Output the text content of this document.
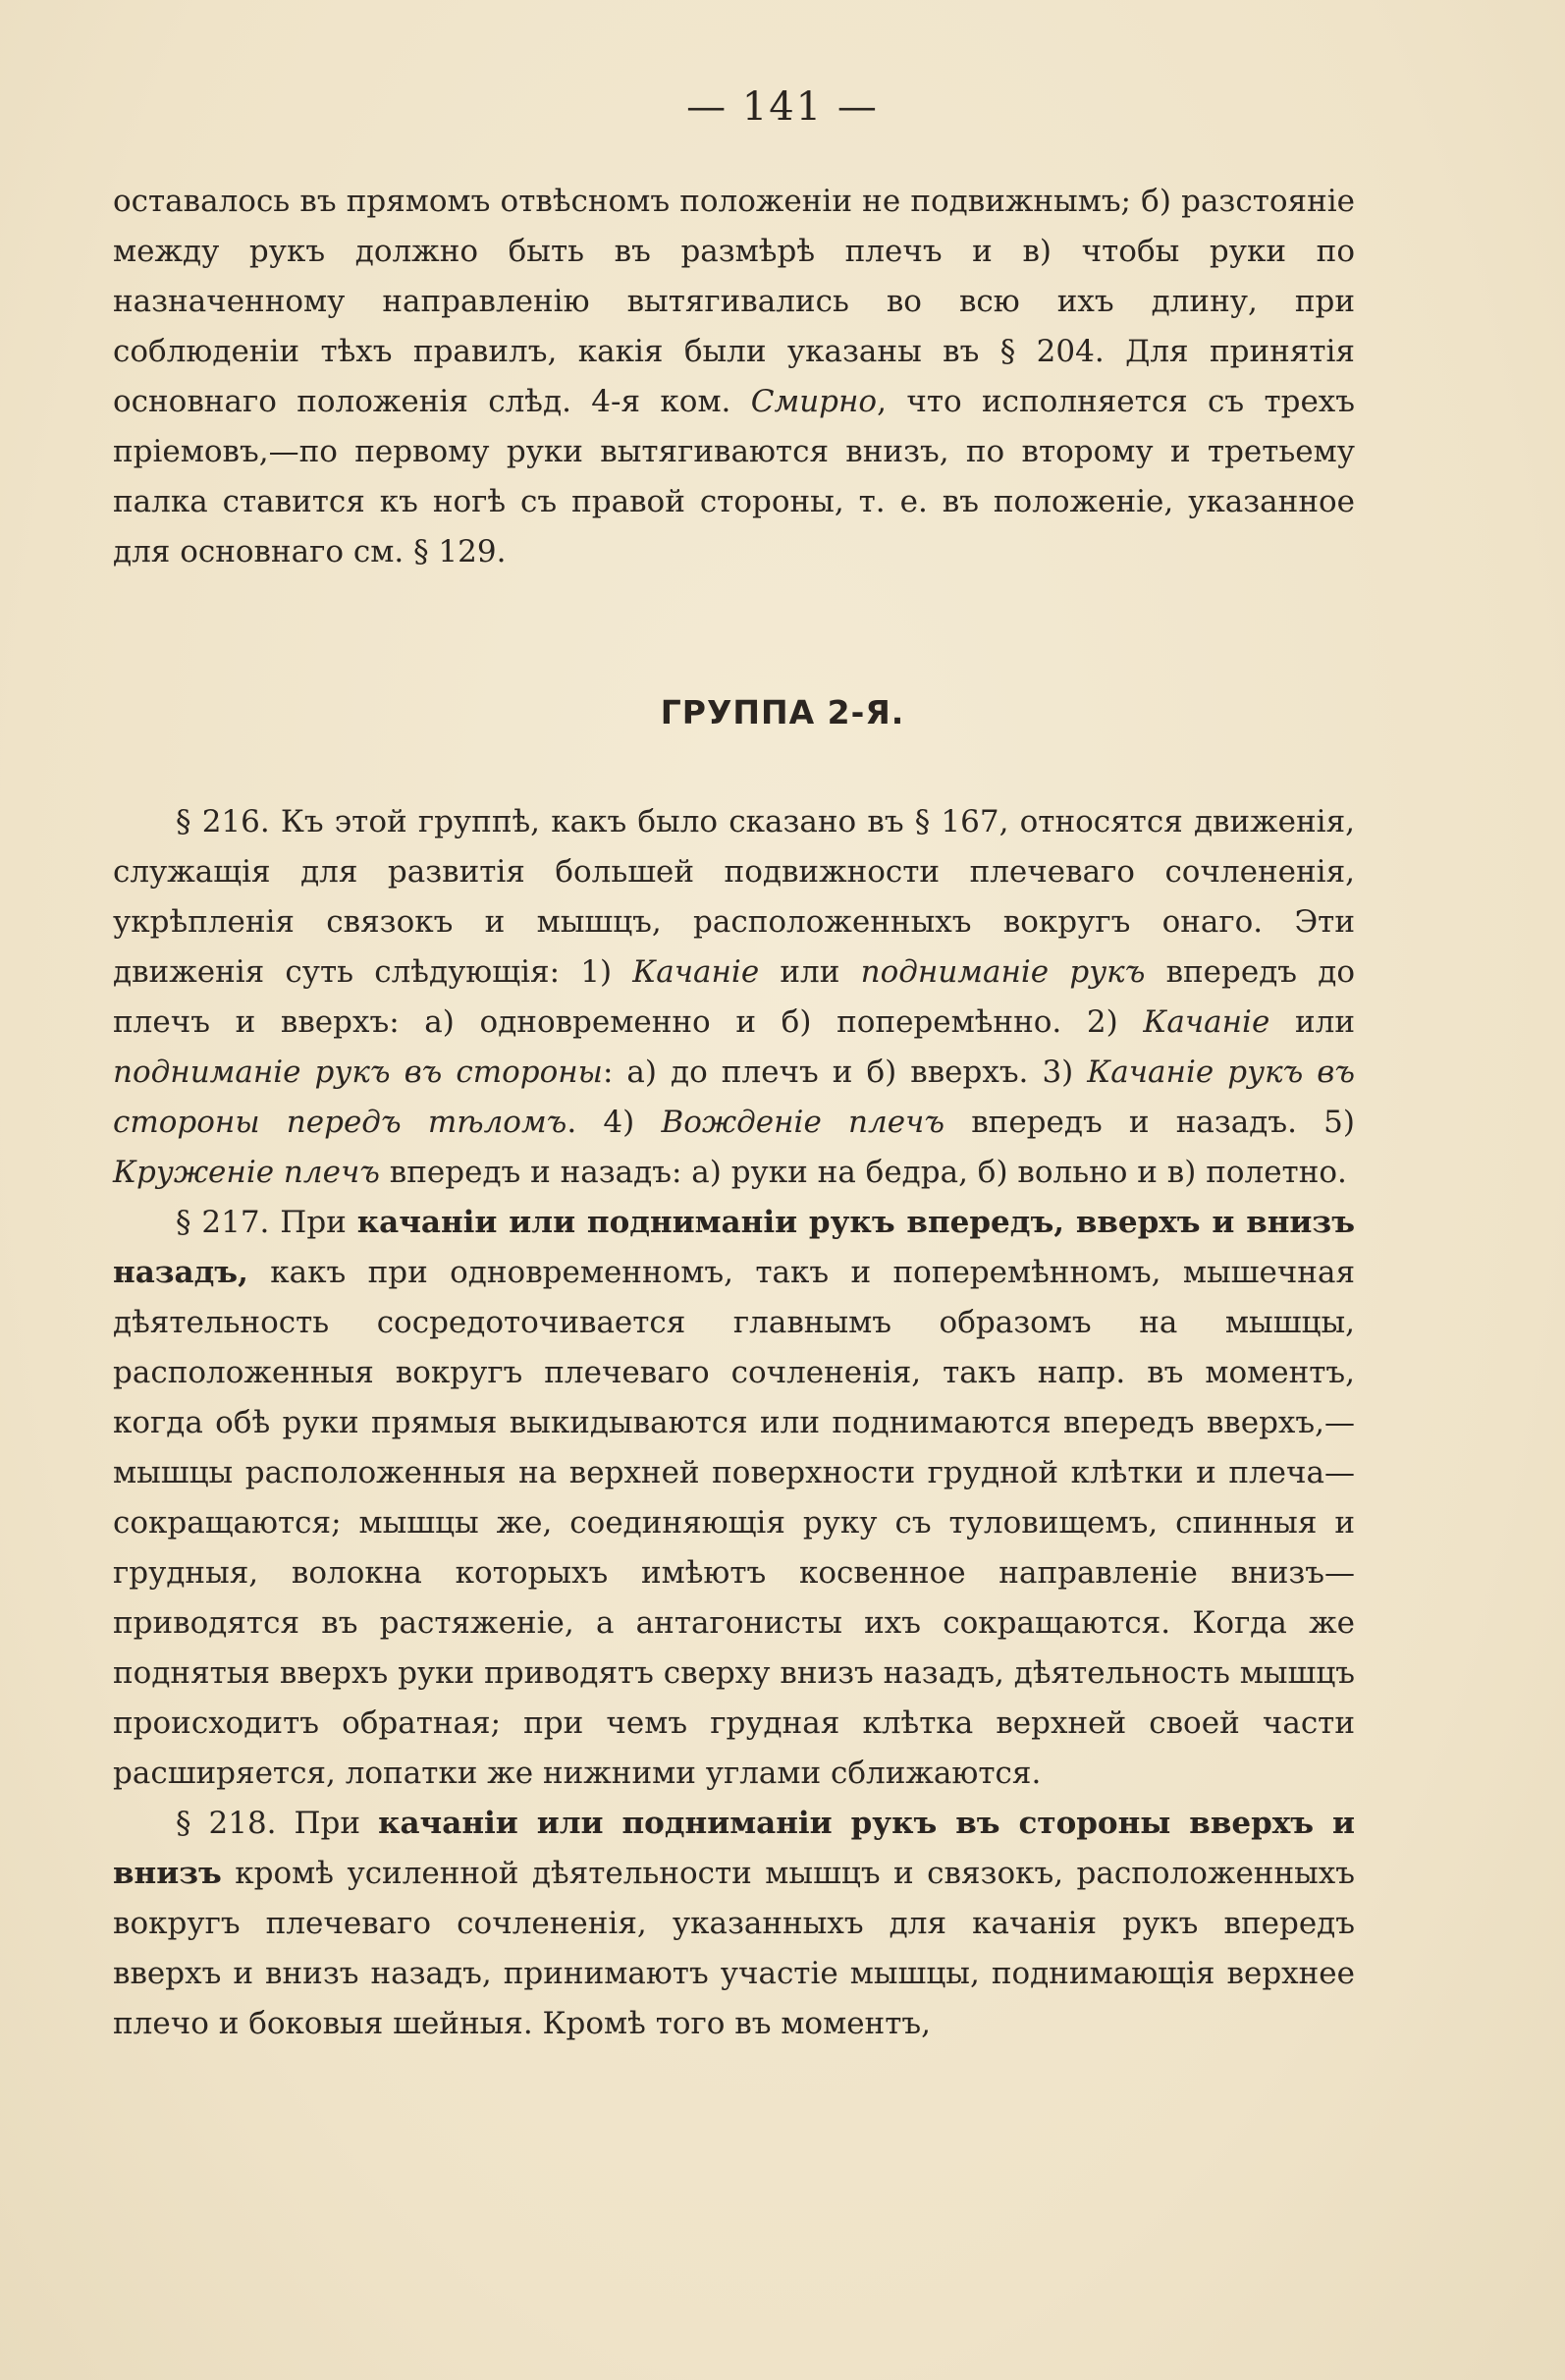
— 141 —

оставалось въ прямомъ отвѣсномъ положеніи не подвижнымъ; б) разстояніе между рукъ должно быть въ размѣрѣ плечъ и в) чтобы руки по назначенному направленію вытягивались во всю ихъ длину, при соблюденіи тѣхъ правилъ, какія были указаны въ § 204. Для принятія основнаго положенія слѣд. 4-я ком. Смирно, что исполняется съ трехъ пріемовъ,—по первому руки вытягиваются внизъ, по второму и третьему палка ставится къ ногѣ съ правой стороны, т. е. въ положеніе, указанное для основнаго см. § 129.

ГРУППА 2-Я.

§ 216. Къ этой группѣ, какъ было сказано въ § 167, относятся движенія, служащія для развитія большей подвижности плечеваго сочлененія, укрѣпленія связокъ и мышцъ, расположенныхъ вокругъ онаго. Эти движенія суть слѣдующія: 1) Качаніе или подниманіе рукъ впередъ до плечъ и вверхъ: а) одновременно и б) поперемѣнно. 2) Качаніе или подниманіе рукъ въ стороны: а) до плечъ и б) вверхъ. 3) Качаніе рукъ въ стороны передъ тѣломъ. 4) Вожденіе плечъ впередъ и назадъ. 5) Круженіе плечъ впередъ и назадъ: а) руки на бедра, б) вольно и в) полетно.

§ 217. При качаніи или подниманіи рукъ впередъ, вверхъ и внизъ назадъ, какъ при одновременномъ, такъ и поперемѣнномъ, мышечная дѣятельность сосредоточивается главнымъ образомъ на мышцы, расположенныя вокругъ плечеваго сочлененія, такъ напр. въ моментъ, когда обѣ руки прямыя выкидываются или поднимаются впередъ вверхъ,— мышцы расположенныя на верхней поверхности грудной клѣтки и плеча—сокращаются; мышцы же, соединяющія руку съ туловищемъ, спинныя и грудныя, волокна которыхъ имѣютъ косвенное направленіе внизъ—приводятся въ растяженіе, а антагонисты ихъ сокращаются. Когда же поднятыя вверхъ руки приводятъ сверху внизъ назадъ, дѣятельность мышцъ происходитъ обратная; при чемъ грудная клѣтка верхней своей части расширяется, лопатки же нижними углами сближаются.

§ 218. При качаніи или подниманіи рукъ въ стороны вверхъ и внизъ кромѣ усиленной дѣятельности мышцъ и связокъ, расположенныхъ вокругъ плечеваго сочлененія, указанныхъ для качанія рукъ впередъ вверхъ и внизъ назадъ, принимаютъ участіе мышцы, поднимающія верхнее плечо и боковыя шейныя. Кромѣ того въ моментъ,
